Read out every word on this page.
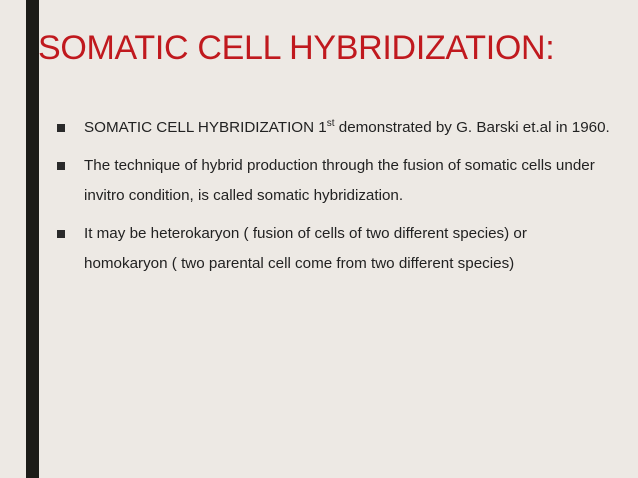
SOMATIC CELL HYBRIDIZATION:
SOMATIC CELL HYBRIDIZATION 1st demonstrated by G. Barski et.al in 1960.
The technique of hybrid production through the fusion of somatic cells under invitro condition, is called somatic hybridization.
It may be heterokaryon ( fusion of cells of two different species) or homokaryon ( two parental cell come from two different species)
